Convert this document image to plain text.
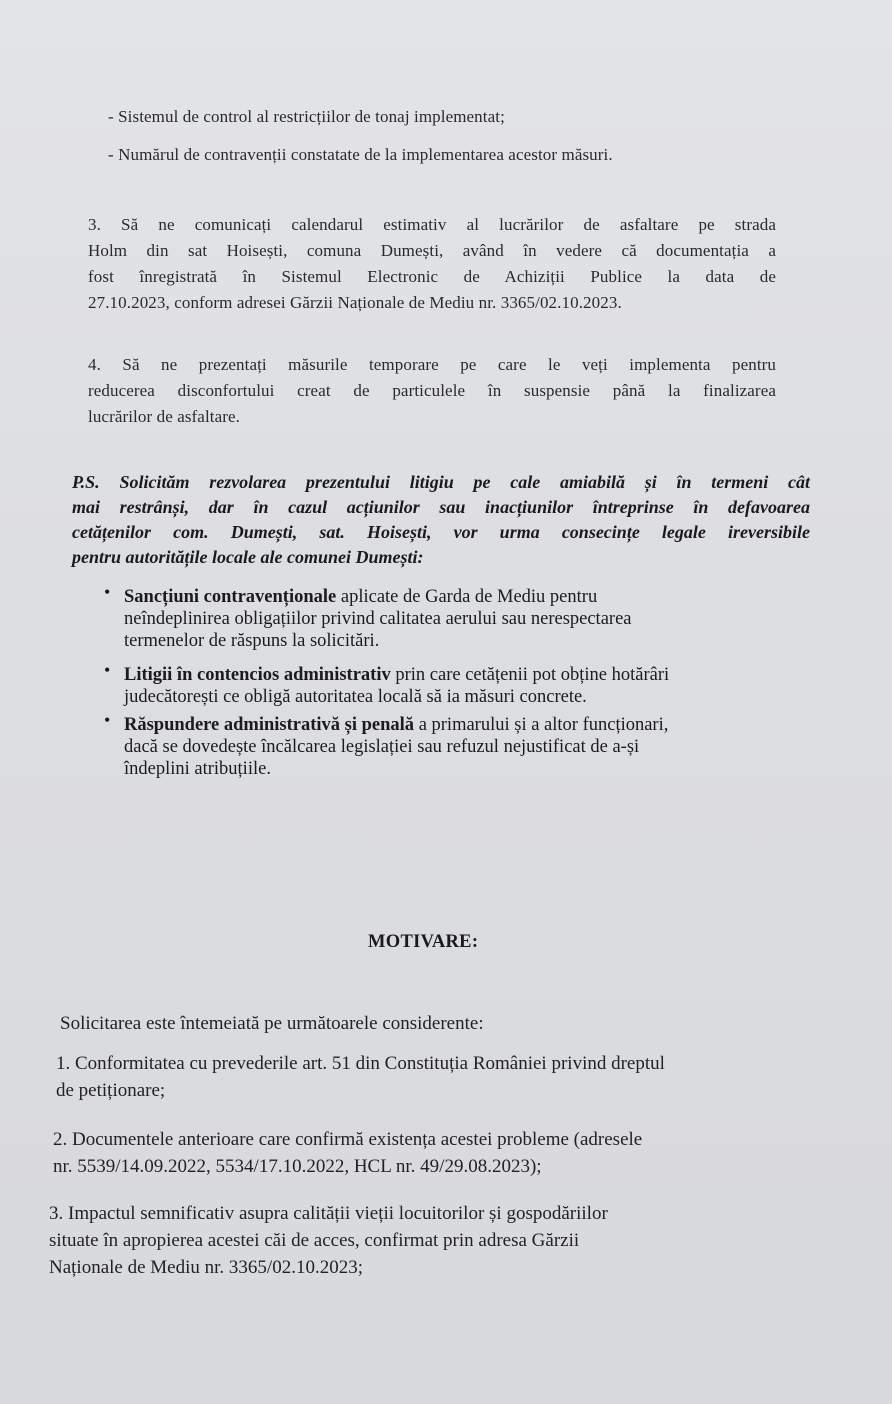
- Sistemul de control al restricțiilor de tonaj implementat;
- Numărul de contravenții constatate de la implementarea acestor măsuri.
3. Să ne comunicați calendarul estimativ al lucrărilor de asfaltare pe strada
Holm din sat Hoisești, comuna Dumești, având în vedere că documentația a
fost înregistrată în Sistemul Electronic de Achiziții Publice la data de
27.10.2023, conform adresei Gărzii Naționale de Mediu nr. 3365/02.10.2023.
4. Să ne prezentați măsurile temporare pe care le veți implementa pentru
reducerea disconfortului creat de particulele în suspensie până la finalizarea
lucrărilor de asfaltare.
P.S. Solicităm rezvolarea prezentului litigiu pe cale amiabilă și în termeni cât
mai restrânși, dar în cazul acțiunilor sau inacțiunilor întreprinse în defavoarea
cetățenilor com. Dumești, sat. Hoisești, vor urma consecințe legale ireversibile
pentru autoritățile locale ale comunei Dumești:
• Sancțiuni contravenționale aplicate de Garda de Mediu pentru
neîndeplinirea obligațiilor privind calitatea aerului sau nerespectarea
termenelor de răspuns la solicitări.
• Litigii în contencios administrativ prin care cetățenii pot obține hotărâri
judecătorești ce obligă autoritatea locală să ia măsuri concrete.
• Răspundere administrativă și penală a primarului și a altor funcționari,
dacă se dovedește încălcarea legislației sau refuzul nejustificat de a-și
îndeplini atribuțiile.
MOTIVARE:
Solicitarea este întemeiată pe următoarele considerente:
1. Conformitatea cu prevederile art. 51 din Constituția României privind dreptul
de petiționare;
2. Documentele anterioare care confirmă existența acestei probleme (adresele
nr. 5539/14.09.2022, 5534/17.10.2022, HCL nr. 49/29.08.2023);
3. Impactul semnificativ asupra calității vieții locuitorilor și gospodăriilor
situate în apropierea acestei căi de acces, confirmat prin adresa Gărzii
Naționale de Mediu nr. 3365/02.10.2023;
